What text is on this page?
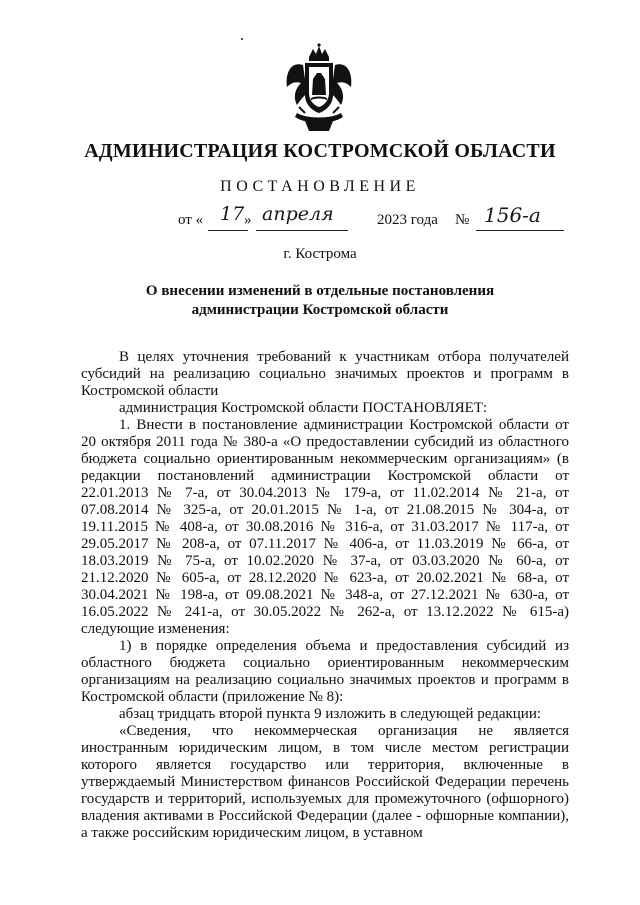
АДМИНИСТРАЦИЯ КОСТРОМСКОЙ ОБЛАСТИ
ПОСТАНОВЛЕНИЕ
от « 17 » апреля	2023 года № 156-а
г. Кострома
О внесении изменений в отдельные постановления
администрации Костромской области

В целях уточнения требований к участникам отбора получателей субсидий на реализацию социально значимых проектов и программ в Костромской области

администрация Костромской области ПОСТАНОВЛЯЕТ:

1. Внести в постановление администрации Костромской области от 20 октября 2011 года № 380-а «О предоставлении субсидий из областного бюджета социально ориентированным некоммерческим организациям» (в редакции постановлений администрации Костромской области от 22.01.2013 № 7-а, от 30.04.2013 № 179-а, от 11.02.2014 № 21-а, от 07.08.2014 № 325-а, от 20.01.2015 № 1-а, от 21.08.2015 № 304-а, от 19.11.2015 № 408-а, от 30.08.2016 № 316-а, от 31.03.2017 № 117-а, от 29.05.2017 № 208-а, от 07.11.2017 № 406-а, от 11.03.2019 № 66-а, от 18.03.2019 № 75-а, от 10.02.2020 № 37-а, от 03.03.2020 № 60-а, от 21.12.2020 № 605-а, от 28.12.2020 № 623-а, от 20.02.2021 № 68-а, от 30.04.2021 № 198-а, от 09.08.2021 № 348-а, от 27.12.2021 № 630-а, от 16.05.2022 № 241-а, от 30.05.2022 № 262-а, от 13.12.2022 № 615-а) следующие изменения:

1) в порядке определения объема и предоставления субсидий из областного бюджета социально ориентированным некоммерческим организациям на реализацию социально значимых проектов и программ в Костромской области (приложение № 8):

абзац тридцать второй пункта 9 изложить в следующей редакции:

«Сведения, что некоммерческая организация не является иностранным юридическим лицом, в том числе местом регистрации которого является государство или территория, включенные в утверждаемый Министерством финансов Российской Федерации перечень государств и территорий, используемых для промежуточного (офшорного) владения активами в Российской Федерации (далее - офшорные компании), а также российским юридическим лицом, в уставном
